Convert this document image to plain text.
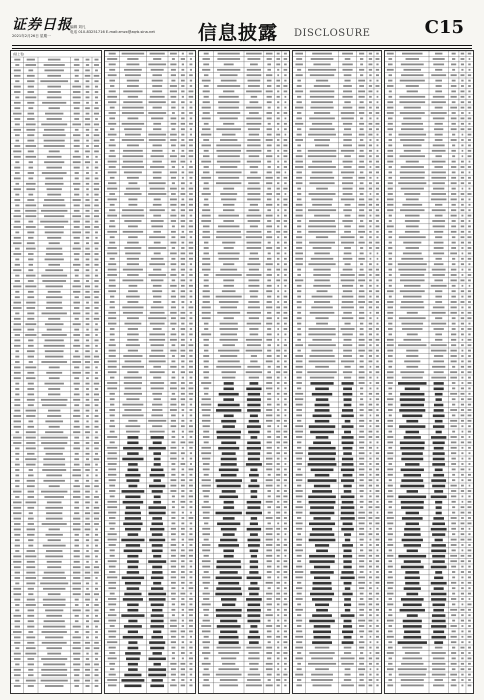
证券日报
2021年2月26日 星期一
编辑 刘凡
电话 010-83251716 E-mail:zmzx@zqrb.sina.net 信息披露 DISCLOSURE	C15
(续上表)
